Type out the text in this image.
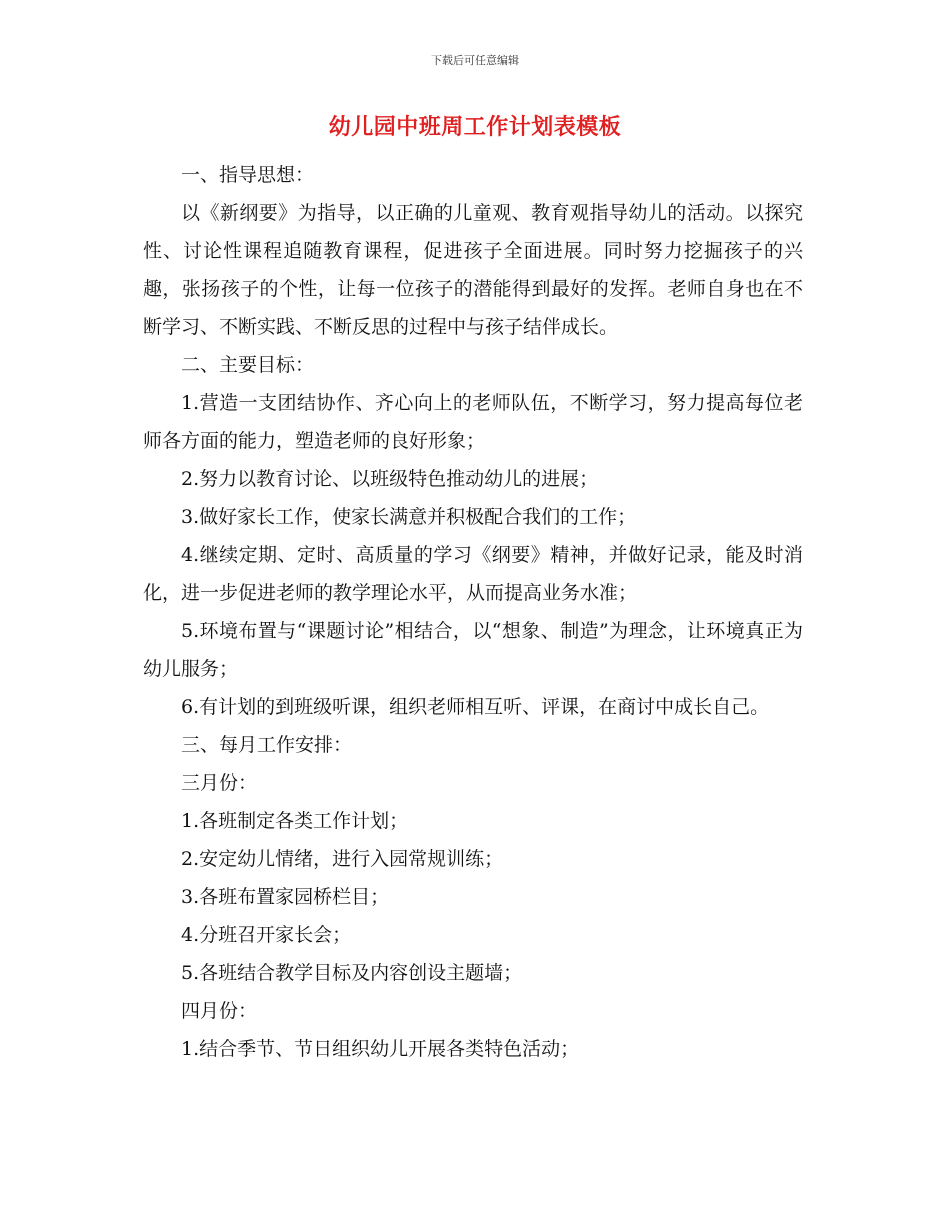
下载后可任意编辑
幼儿园中班周工作计划表模板

一、指导思想：

以《新纲要》为指导，以正确的儿童观、教育观指导幼儿的活动。以探究性、讨论性课程追随教育课程，促进孩子全面进展。同时努力挖掘孩子的兴趣，张扬孩子的个性，让每一位孩子的潜能得到最好的发挥。老师自身也在不断学习、不断实践、不断反思的过程中与孩子结伴成长。

二、主要目标：

1.营造一支团结协作、齐心向上的老师队伍，不断学习，努力提高每位老师各方面的能力，塑造老师的良好形象；

2.努力以教育讨论、以班级特色推动幼儿的进展；

3.做好家长工作，使家长满意并积极配合我们的工作；

4.继续定期、定时、高质量的学习《纲要》精神，并做好记录，能及时消化，进一步促进老师的教学理论水平，从而提高业务水准；

5.环境布置与“课题讨论”相结合，以“想象、制造”为理念，让环境真正为幼儿服务；

6.有计划的到班级听课，组织老师相互听、评课，在商讨中成长自己。

三、每月工作安排：

三月份：

1.各班制定各类工作计划；

2.安定幼儿情绪，进行入园常规训练；

3.各班布置家园桥栏目；

4.分班召开家长会；

5.各班结合教学目标及内容创设主题墙；

四月份：

1.结合季节、节日组织幼儿开展各类特色活动；
